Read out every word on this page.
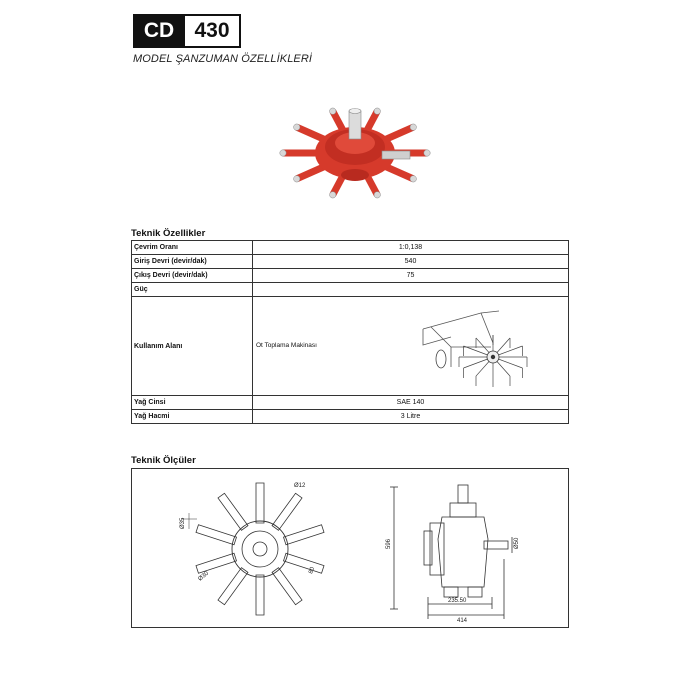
CD 430
MODEL ŞANZUMAN ÖZELLİKLERİ
Teknik Özellikler
Çevrim Oranı	1:0,138
Giriş Devri (devir/dak)	540
Çıkış Devri (devir/dak)	75
Güç	
Kullanım Alanı	Ot Toplama Makinası

Yağ Cinsi	SAE 140
Yağ Hacmi	3 Litre
Teknik Ölçüler
Ø12
Ø35
Ø30
80
596	Ø50
235.50
414
